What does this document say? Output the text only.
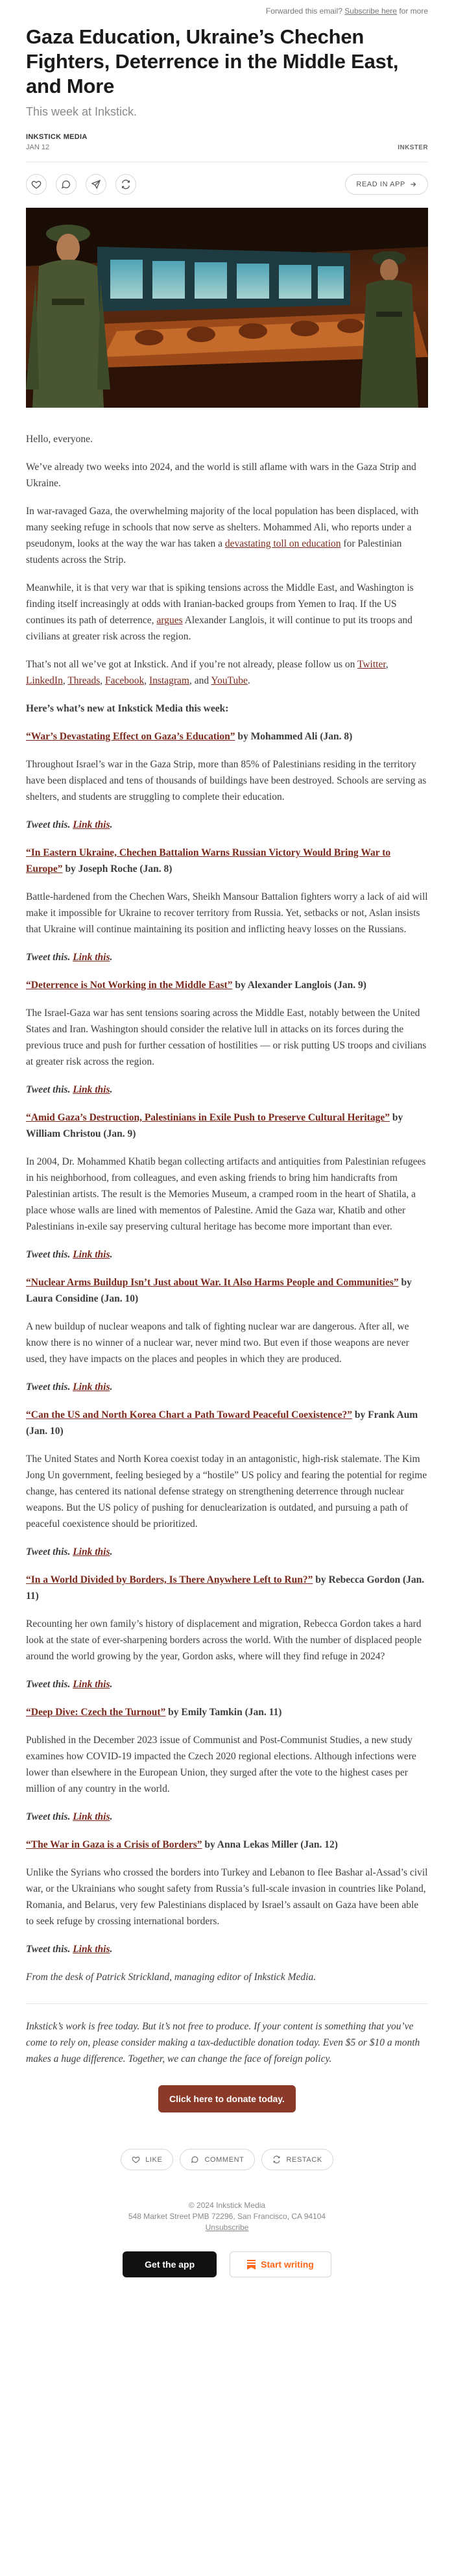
Forwarded this email? Subscribe here for more
Gaza Education, Ukraine’s Chechen Fighters, Deterrence in the Middle East, and More
This week at Inkstick.
INKSTICK MEDIA
JAN 12	INKSTER
READ IN APP

Hello, everyone.

We’ve already two weeks into 2024, and the world is still aflame with wars in the Gaza Strip and Ukraine.

In war-ravaged Gaza, the overwhelming majority of the local population has been displaced, with many seeking refuge in schools that now serve as shelters. Mohammed Ali, who reports under a pseudonym, looks at the way the war has taken a devastating toll on education for Palestinian students across the Strip.

Meanwhile, it is that very war that is spiking tensions across the Middle East, and Washington is finding itself increasingly at odds with Iranian-backed groups from Yemen to Iraq. If the US continues its path of deterrence, argues Alexander Langlois, it will continue to put its troops and civilians at greater risk across the region.

That’s not all we’ve got at Inkstick. And if you’re not already, please follow us on Twitter, LinkedIn, Threads, Facebook, Instagram, and YouTube.

Here’s what’s new at Inkstick Media this week:

“War’s Devastating Effect on Gaza’s Education” by Mohammed Ali (Jan. 8)

Throughout Israel’s war in the Gaza Strip, more than 85% of Palestinians residing in the territory have been displaced and tens of thousands of buildings have been destroyed. Schools are serving as shelters, and students are struggling to complete their education.

Tweet this. Link this.

“In Eastern Ukraine, Chechen Battalion Warns Russian Victory Would Bring War to Europe” by Joseph Roche (Jan. 8)

Battle-hardened from the Chechen Wars, Sheikh Mansour Battalion fighters worry a lack of aid will make it impossible for Ukraine to recover territory from Russia. Yet, setbacks or not, Aslan insists that Ukraine will continue maintaining its position and inflicting heavy losses on the Russians.

Tweet this. Link this.

“Deterrence is Not Working in the Middle East” by Alexander Langlois (Jan. 9)

The Israel-Gaza war has sent tensions soaring across the Middle East, notably between the United States and Iran. Washington should consider the relative lull in attacks on its forces during the previous truce and push for further cessation of hostilities — or risk putting US troops and civilians at greater risk across the region.

Tweet this. Link this.

“Amid Gaza’s Destruction, Palestinians in Exile Push to Preserve Cultural Heritage” by William Christou (Jan. 9)

In 2004, Dr. Mohammed Khatib began collecting artifacts and antiquities from Palestinian refugees in his neighborhood, from colleagues, and even asking friends to bring him handicrafts from Palestinian artists. The result is the Memories Museum, a cramped room in the heart of Shatila, a place whose walls are lined with mementos of Palestine. Amid the Gaza war, Khatib and other Palestinians in-exile say preserving cultural heritage has become more important than ever.

Tweet this. Link this.

“Nuclear Arms Buildup Isn’t Just about War. It Also Harms People and Communities” by Laura Considine (Jan. 10)

A new buildup of nuclear weapons and talk of fighting nuclear war are dangerous. After all, we know there is no winner of a nuclear war, never mind two. But even if those weapons are never used, they have impacts on the places and peoples in which they are produced.

Tweet this. Link this.

“Can the US and North Korea Chart a Path Toward Peaceful Coexistence?” by Frank Aum (Jan. 10)

The United States and North Korea coexist today in an antagonistic, high-risk stalemate. The Kim Jong Un government, feeling besieged by a “hostile” US policy and fearing the potential for regime change, has centered its national defense strategy on strengthening deterrence through nuclear weapons. But the US policy of pushing for denuclearization is outdated, and pursuing a path of peaceful coexistence should be prioritized.

Tweet this. Link this.

“In a World Divided by Borders, Is There Anywhere Left to Run?” by Rebecca Gordon (Jan. 11)

Recounting her own family’s history of displacement and migration, Rebecca Gordon takes a hard look at the state of ever-sharpening borders across the world. With the number of displaced people around the world growing by the year, Gordon asks, where will they find refuge in 2024?

Tweet this. Link this.

“Deep Dive: Czech the Turnout” by Emily Tamkin (Jan. 11)

Published in the December 2023 issue of Communist and Post-Communist Studies, a new study examines how COVID-19 impacted the Czech 2020 regional elections. Although infections were lower than elsewhere in the European Union, they surged after the vote to the highest cases per million of any country in the world.

Tweet this. Link this.

“The War in Gaza is a Crisis of Borders” by Anna Lekas Miller (Jan. 12)

Unlike the Syrians who crossed the borders into Turkey and Lebanon to flee Bashar al-Assad’s civil war, or the Ukrainians who sought safety from Russia’s full-scale invasion in countries like Poland, Romania, and Belarus, very few Palestinians displaced by Israel’s assault on Gaza have been able to seek refuge by crossing international borders.

Tweet this. Link this.

From the desk of Patrick Strickland, managing editor of Inkstick Media.

Inkstick’s work is free today. But it’s not free to produce. If your content is something that you’ve come to rely on, please consider making a tax-deductible donation today. Even $5 or $10 a month makes a huge difference. Together, we can change the face of foreign policy.

Click here to donate today.
LIKE	COMMENT	RESTACK
© 2024 Inkstick Media
548 Market Street PMB 72296, San Francisco, CA 94104
Unsubscribe
Get the app	Start writing
